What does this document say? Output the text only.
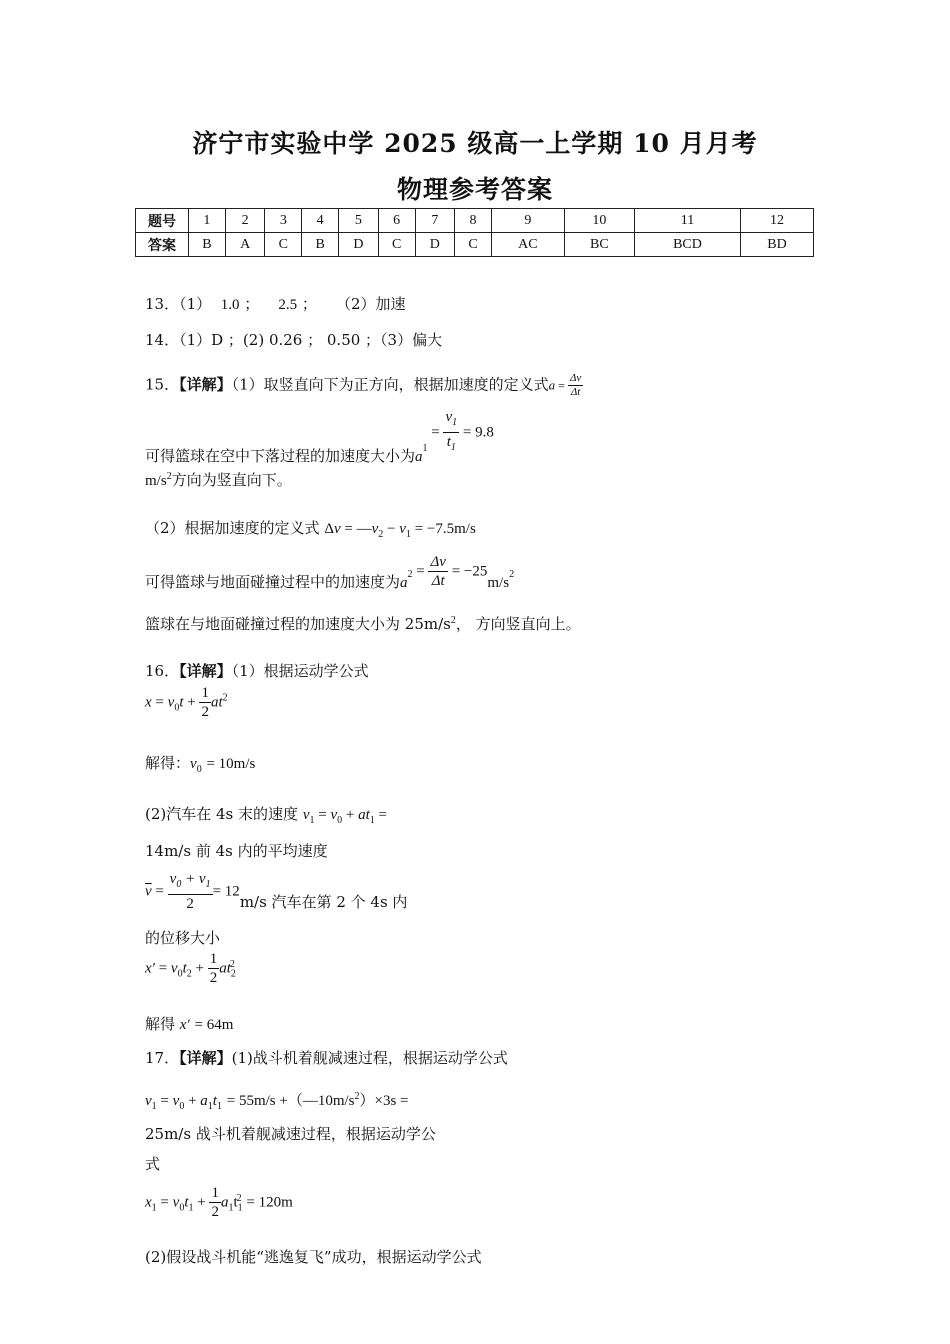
济宁市实验中学 2025 级高一上学期 10 月月考
物理参考答案
题号	1	2	3	4	5	6	7	8	9	10	11	12
答案	B	A	C	B	D	C	D	C	AC	BC	BCD	BD
13．（1） 1.0 ； 2.5 ； （2）加速
14．（1）D ；(2) 0.26 ； 0.50 ；（3）偏大
15．【详解】（1）取竖直向下为正方向，根据加速度的定义式$a = \frac{\Delta v}{\Delta t}$
可得篮球在空中下落过程的加速度大小为$a^1 = \frac{v_1}{t_1} = 9.8$
$m/s^2$方向为竖直向下。
（2）根据加速度的定义式 $\Delta v = —v_2 - v_1 = -7.5m/s$
可得篮球与地面碰撞过程中的加速度为$a^2 = \frac{\Delta v}{\Delta t} = -25m/s^2$
篮球在与地面碰撞过程的加速度大小为 $25m/s^2$， 方向竖直向上。
16．【详解】（1）根据运动学公式
$x = v_0t + \frac{1}{2} at^2$
解得：$v_0 = 10m/s$
(2)汽车在 4s 末的速度 $v_1 = v_0 + at_1$ =
14m/s 前 4s 内的平均速度
$\overline{v} = \frac{v_0 + v_1}{2} = 12m/s$ 汽车在第 2 个 4s 内
的位移大小
$x' = v_0t_2 + \frac{1}{2} at_2^2$
解得 x′ = 64m
17．【详解】(1)战斗机着舰减速过程，根据运动学公式
$v_1 = v_0 + a_1t_1 = 55m/s$ $+(—10m/s^2)\times 3s$ =
25m/s 战斗机着舰减速过程，根据运动学公
式
$x_1 = v_0t_1 + \frac{1}{2} a_1t_1^2 = 120m$
(2)假设战斗机能“逃逸复飞”成功，根据运动学公式
